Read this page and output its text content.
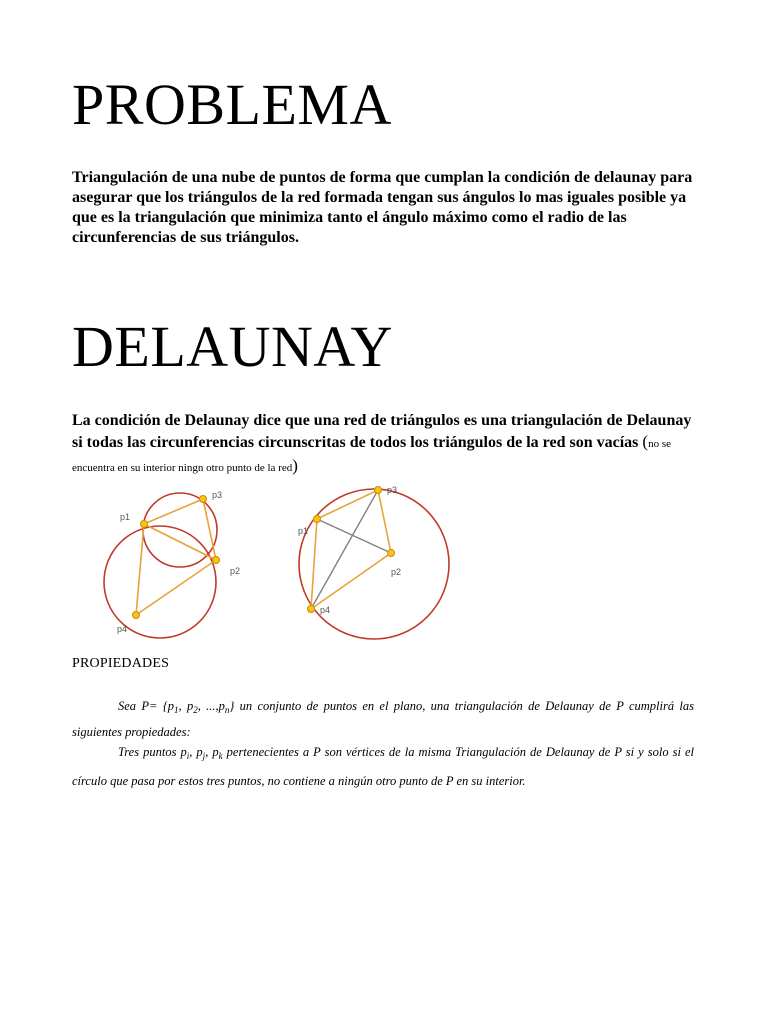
PROBLEMA

Triangulación de una nube de puntos de forma que cumplan la condición de delaunay para asegurar que los triángulos de la red formada tengan sus ángulos lo mas iguales posible ya que es la triangulación que minimiza tanto el ángulo máximo como el radio de las circunferencias de sus triángulos.

DELAUNAY

La condición de Delaunay dice que una red de triángulos es una triangulación de Delaunay si todas las circunferencias circunscritas de todos los triángulos de la red son vacías (no se encuentra en su interior ningn otro punto de la red)

p1
p3
p2
p4
p3
p1
p2
p4
PROPIEDADES

Sea $P= \{p_1$, $p_2$, $...,p_n$} un conjunto de puntos en el plano, una triangulación de Delaunay de P cumplirá las siguientes propiedades:

Tres puntos $p_i$, $p_j$, $p_k$ pertenecientes a P son vértices de la misma Triangulación de Delaunay de P si y solo si el círculo que pasa por estos tres puntos, no contiene a ningún otro punto de P en su interior.
